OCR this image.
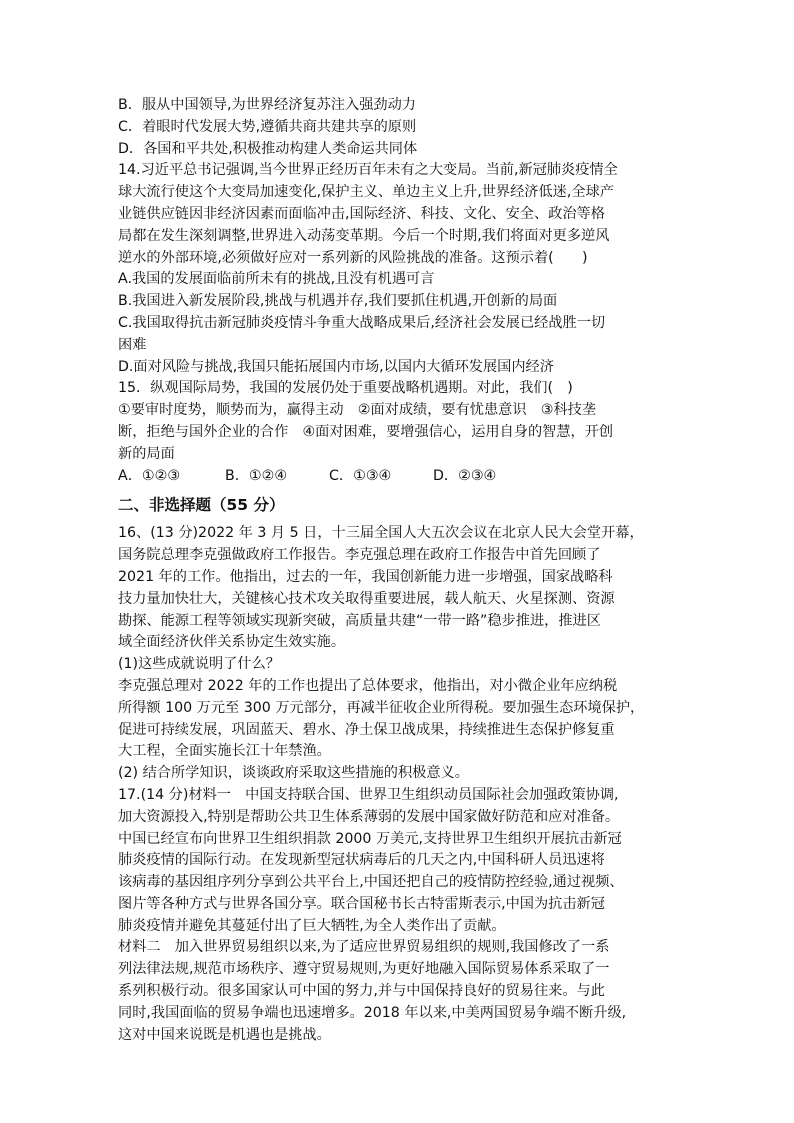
B．服从中国领导,为世界经济复苏注入强劲动力
C．着眼时代发展大势,遵循共商共建共享的原则
D．各国和平共处,积极推动构建人类命运共同体
14.习近平总书记强调,当今世界正经历百年未有之大变局。当前,新冠肺炎疫情全
球大流行使这个大变局加速变化,保护主义、单边主义上升,世界经济低迷,全球产
业链供应链因非经济因素而面临冲击,国际经济、科技、文化、安全、政治等格
局都在发生深刻调整,世界进入动荡变革期。今后一个时期,我们将面对更多逆风
逆水的外部环境,必须做好应对一系列新的风险挑战的准备。这预示着(　　)
A.我国的发展面临前所未有的挑战,且没有机遇可言
B.我国进入新发展阶段,挑战与机遇并存,我们要抓住机遇,开创新的局面
C.我国取得抗击新冠肺炎疫情斗争重大战略成果后,经济社会发展已经战胜一切
困难
D.面对风险与挑战,我国只能拓展国内市场,以国内大循环发展国内经济
15．纵观国际局势，我国的发展仍处于重要战略机遇期。对此，我们(　)
①要审时度势，顺势而为，赢得主动　②面对成绩，要有忧患意识　③科技垄
断，拒绝与国外企业的合作　④面对困难，要增强信心，运用自身的智慧，开创
新的局面
A．①②③	B．①②④	C．①③④	D．②③④
二、非选择题（55 分）
16、(13 分)2022 年 3 月 5 日，十三届全国人大五次会议在北京人民大会堂开幕，
国务院总理李克强做政府工作报告。李克强总理在政府工作报告中首先回顾了
2021 年的工作。他指出，过去的一年，我国创新能力进一步增强，国家战略科
技力量加快壮大，关键核心技术攻关取得重要进展，载人航天、火星探测、资源
勘探、能源工程等领域实现新突破，高质量共建“一带一路”稳步推进，推进区
域全面经济伙伴关系协定生效实施。
(1)这些成就说明了什么？
李克强总理对 2022 年的工作也提出了总体要求，他指出，对小微企业年应纳税
所得额 100 万元至 300 万元部分，再减半征收企业所得税。要加强生态环境保护，
促进可持续发展，巩固蓝天、碧水、净土保卫战成果，持续推进生态保护修复重
大工程，全面实施长江十年禁渔。
(2) 结合所学知识，谈谈政府采取这些措施的积极意义。
17.(14 分)材料一　中国支持联合国、世界卫生组织动员国际社会加强政策协调,
加大资源投入,特别是帮助公共卫生体系薄弱的发展中国家做好防范和应对准备。
中国已经宣布向世界卫生组织捐款 2000 万美元,支持世界卫生组织开展抗击新冠
肺炎疫情的国际行动。在发现新型冠状病毒后的几天之内,中国科研人员迅速将
该病毒的基因组序列分享到公共平台上,中国还把自己的疫情防控经验,通过视频、
图片等各种方式与世界各国分享。联合国秘书长古特雷斯表示,中国为抗击新冠
肺炎疫情并避免其蔓延付出了巨大牺牲,为全人类作出了贡献。
材料二　加入世界贸易组织以来,为了适应世界贸易组织的规则,我国修改了一系
列法律法规,规范市场秩序、遵守贸易规则,为更好地融入国际贸易体系采取了一
系列积极行动。很多国家认可中国的努力,并与中国保持良好的贸易往来。与此
同时,我国面临的贸易争端也迅速增多。2018 年以来,中美两国贸易争端不断升级,
这对中国来说既是机遇也是挑战。
